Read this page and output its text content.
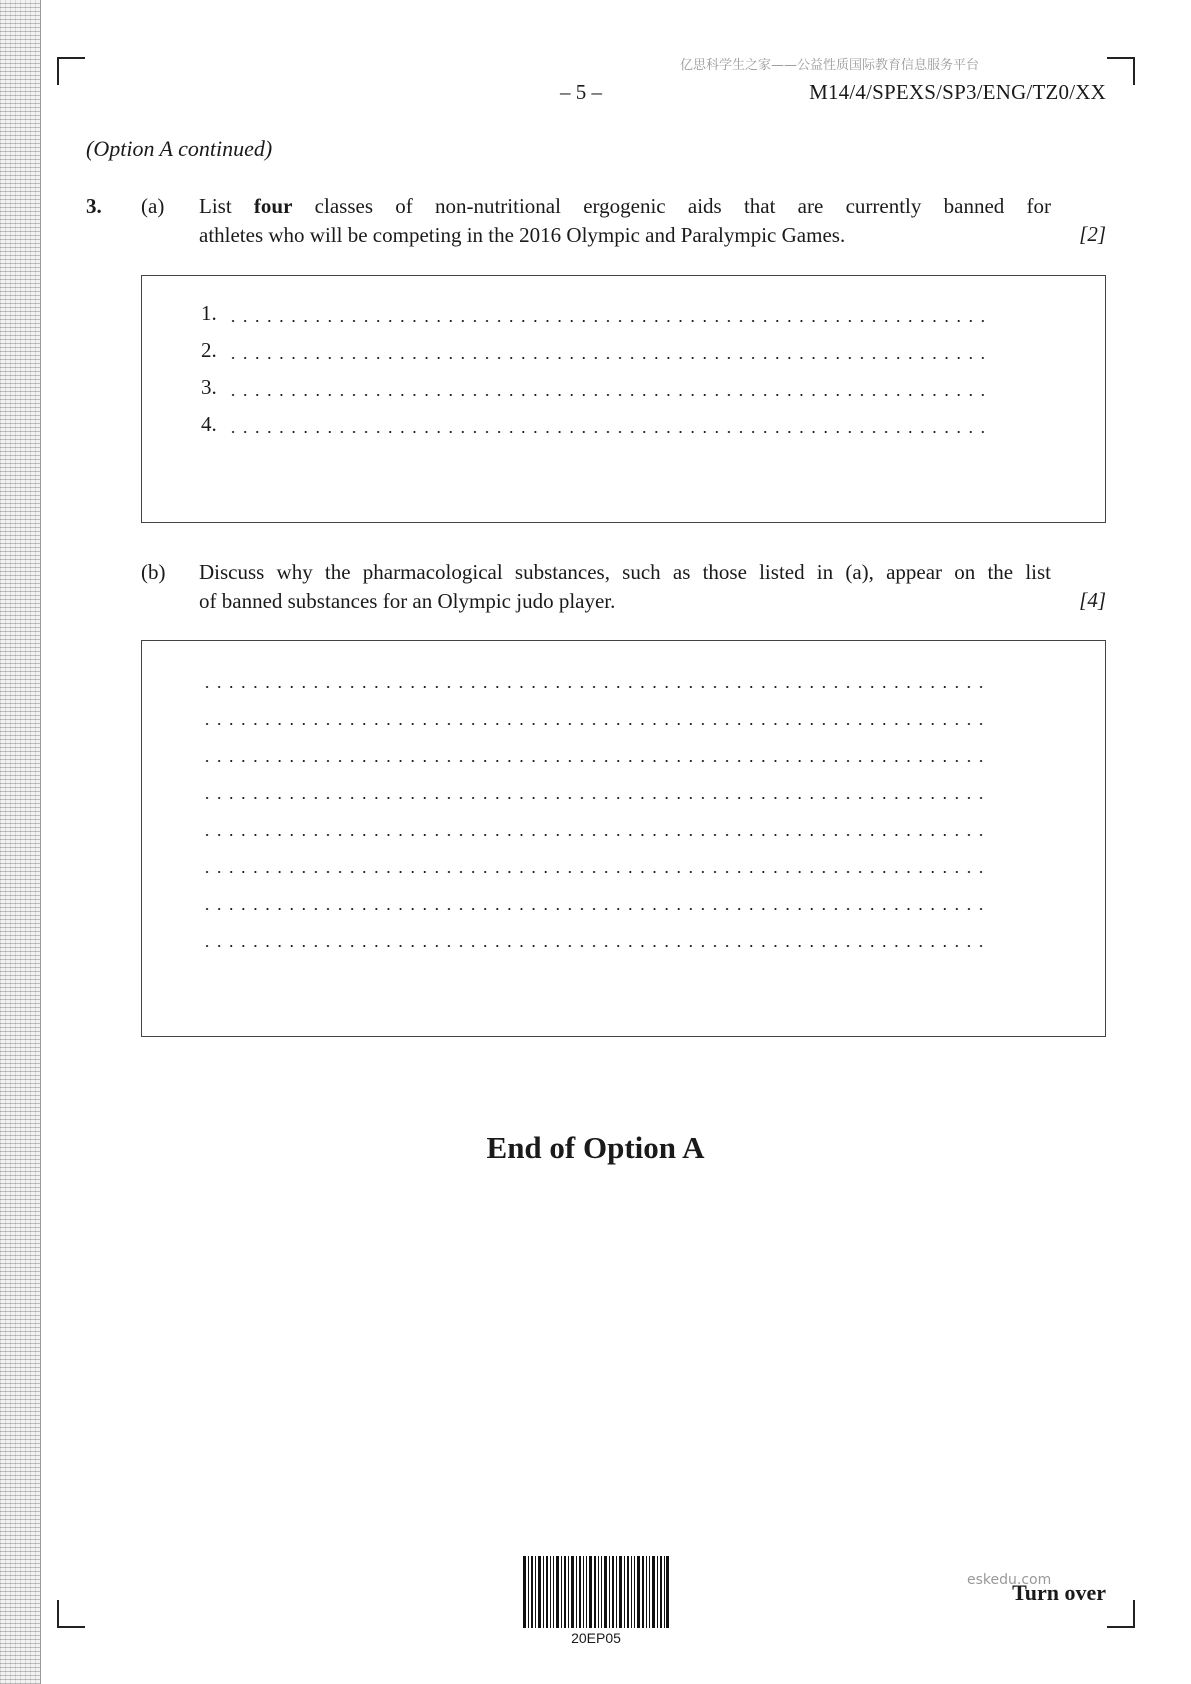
亿思科学生之家——公益性质国际教育信息服务平台
– 5 –	M14/4/SPEXS/SP3/ENG/TZ0/XX
(Option A continued)
3. (a) List four classes of non-nutritional ergogenic aids that are currently banned for
athletes who will be competing in the 2016 Olympic and Paralympic Games.	[2]
1.
2.
3.
4.
(b) Discuss why the pharmacological substances, such as those listed in (a), appear on the list
of banned substances for an Olympic judo player.	[4]
End of Option A
20EP05
eskedu.com
Turn over
